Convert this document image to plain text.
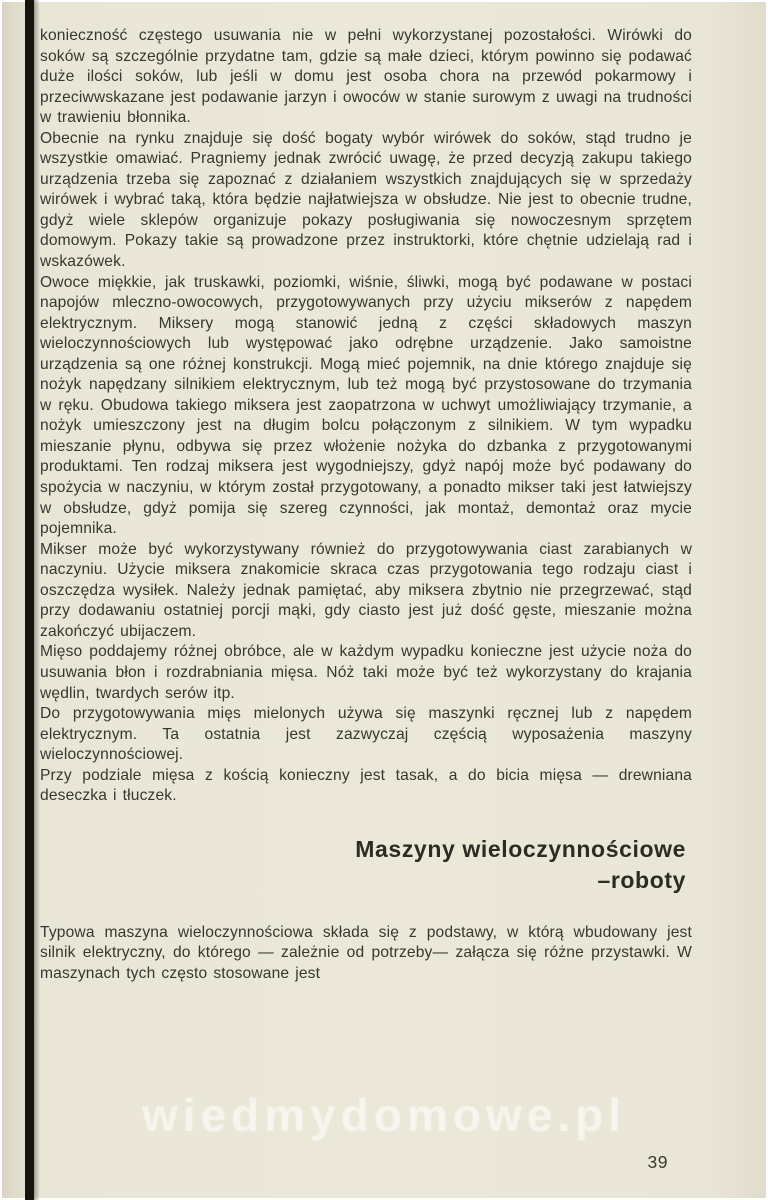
konieczność częstego usuwania nie w pełni wykorzystanej pozostałości. Wirówki do soków są szczególnie przydatne tam, gdzie są małe dzieci, którym powinno się podawać duże ilości soków, lub jeśli w domu jest osoba chora na przewód pokarmowy i przeciwwskazane jest podawanie jarzyn i owoców w stanie surowym z uwagi na trudności w trawieniu błonnika.

Obecnie na rynku znajduje się dość bogaty wybór wirówek do soków, stąd trudno je wszystkie omawiać. Pragniemy jednak zwrócić uwagę, że przed decyzją zakupu takiego urządzenia trzeba się zapoznać z działaniem wszystkich znajdujących się w sprzedaży wirówek i wybrać taką, która będzie najłatwiejsza w obsłudze. Nie jest to obecnie trudne, gdyż wiele sklepów organizuje pokazy posługiwania się nowoczesnym sprzętem domowym. Pokazy takie są prowadzone przez instruktorki, które chętnie udzielają rad i wskazówek.

Owoce miękkie, jak truskawki, poziomki, wiśnie, śliwki, mogą być podawane w postaci napojów mleczno-owocowych, przygotowywanych przy użyciu mikserów z napędem elektrycznym. Miksery mogą stanowić jedną z części składowych maszyn wieloczynnościowych lub występować jako odrębne urządzenie. Jako samoistne urządzenia są one różnej konstrukcji. Mogą mieć pojemnik, na dnie którego znajduje się nożyk napędzany silnikiem elektrycznym, lub też mogą być przystosowane do trzymania w ręku. Obudowa takiego miksera jest zaopatrzona w uchwyt umożliwiający trzymanie, a nożyk umieszczony jest na długim bolcu połączonym z silnikiem. W tym wypadku mieszanie płynu, odbywa się przez włożenie nożyka do dzbanka z przygotowanymi produktami. Ten rodzaj miksera jest wygodniejszy, gdyż napój może być podawany do spożycia w naczyniu, w którym został przygotowany, a ponadto mikser taki jest łatwiejszy w obsłudze, gdyż pomija się szereg czynności, jak montaż, demontaż oraz mycie pojemnika.

Mikser może być wykorzystywany również do przygotowywania ciast zarabianych w naczyniu. Użycie miksera znakomicie skraca czas przygotowania tego rodzaju ciast i oszczędza wysiłek. Należy jednak pamiętać, aby miksera zbytnio nie przegrzewać, stąd przy dodawaniu ostatniej porcji mąki, gdy ciasto jest już dość gęste, mieszanie można zakończyć ubijaczem.

Mięso poddajemy różnej obróbce, ale w każdym wypadku konieczne jest użycie noża do usuwania błon i rozdrabniania mięsa. Nóż taki może być też wykorzystany do krajania wędlin, twardych serów itp.

Do przygotowywania mięs mielonych używa się maszynki ręcznej lub z napędem elektrycznym. Ta ostatnia jest zazwyczaj częścią wyposażenia maszyny wieloczynnościowej.

Przy podziale mięsa z kością konieczny jest tasak, a do bicia mięsa — drewniana deseczka i tłuczek.

Maszyny wieloczynnościowe
–roboty

Typowa maszyna wieloczynnościowa składa się z podstawy, w którą wbudowany jest silnik elektryczny, do którego — zależnie od potrzeby— załącza się różne przystawki. W maszynach tych często stosowane jest

wiedmydomowe.pl
39
